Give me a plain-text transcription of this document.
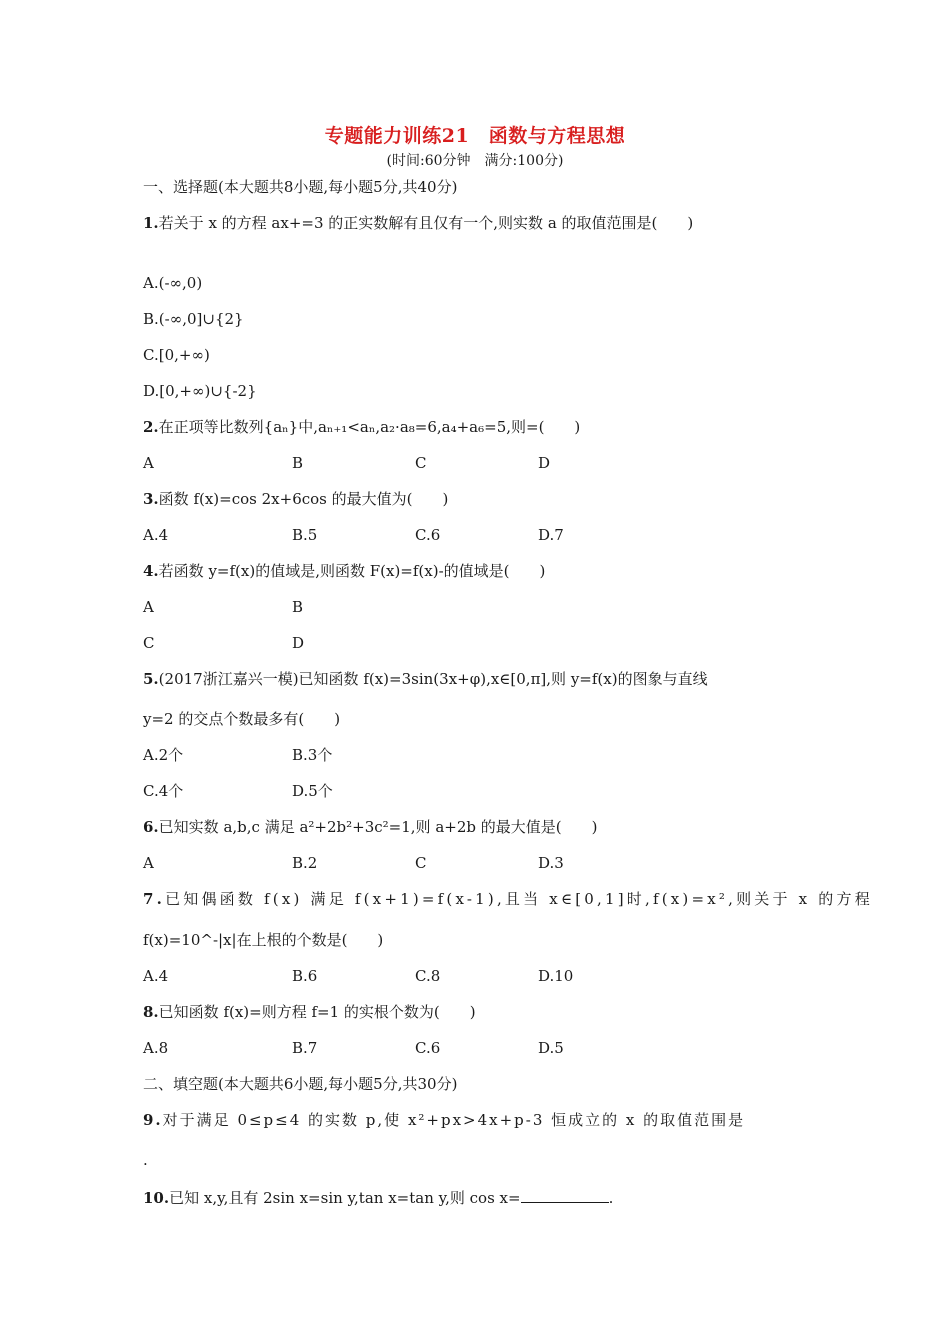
专题能力训练21　函数与方程思想
(时间:60分钟　满分:100分)
一、选择题(本大题共8小题,每小题5分,共40分)
1.若关于 x 的方程 ax+=3 的正实数解有且仅有一个,则实数 a 的取值范围是(　　)
A.(-∞,0)
B.(-∞,0]∪{2}
C.[0,+∞)
D.[0,+∞)∪{-2}
2.在正项等比数列{aₙ}中,aₙ₊₁<aₙ,a₂·a₈=6,a₄+a₆=5,则=(　　)
A	B	C	D
3.函数 f(x)=cos 2x+6cos 的最大值为(　　)
A.4	B.5	C.6	D.7
4.若函数 y=f(x)的值域是,则函数 F(x)=f(x)-的值域是(　　)
A	B
C	D
5.(2017浙江嘉兴一模)已知函数 f(x)=3sin(3x+φ),x∈[0,π],则 y=f(x)的图象与直线
y=2 的交点个数最多有(　　)
A.2个	B.3个
C.4个	D.5个
6.已知实数 a,b,c 满足 a²+2b²+3c²=1,则 a+2b 的最大值是(　　)
A	B.2	C	D.3
7.已知偶函数 f(x) 满足 f(x+1)=f(x-1),且当 x∈[0,1]时,f(x)=x²,则关于 x 的方程
f(x)=10^-|x|在上根的个数是(　　)
A.4	B.6	C.8	D.10
8.已知函数 f(x)=则方程 f=1 的实根个数为(　　)
A.8	B.7	C.6	D.5
二、填空题(本大题共6小题,每小题5分,共30分)
9.对于满足 0≤p≤4 的实数 p,使 x²+px>4x+p-3 恒成立的 x 的取值范围是
.
10.已知 x,y,且有 2sin x=sin y,tan x=tan y,则 cos x=	.
